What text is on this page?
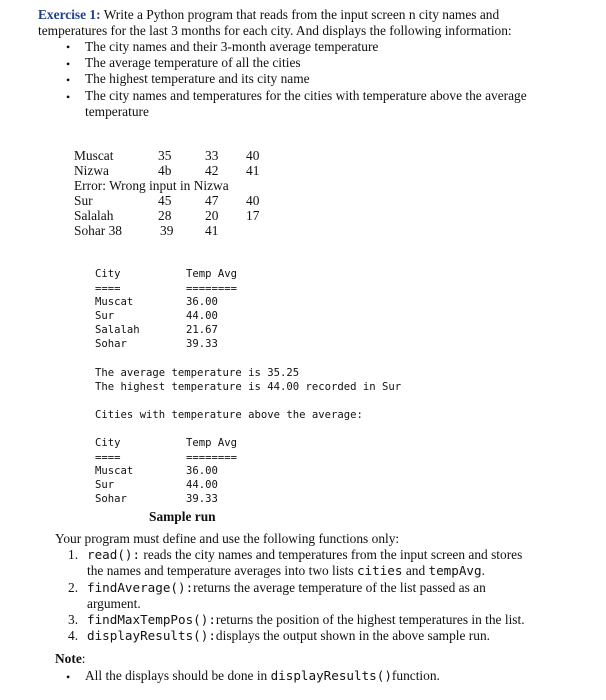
Exercise 1: Write a Python program that reads from the input screen n city names and
temperatures for the last 3 months for each city. And displays the following information:
• The city names and their 3-month average temperature
• The average temperature of all the cities
• The highest temperature and its city name
• The city names and temperatures for the cities with temperature above the average
temperature
Muscat	35	33 40
Nizwa	4b	42 41
Error: Wrong input in Nizwa
Sur	45	47 40
Salalah	28	20 17
Sohar 38	39 41
City	Temp Avg
====	========
Muscat	36.00
Sur	44.00
Salalah	21.67
Sohar	39.33
The average temperature is 35.25
The highest temperature is 44.00 recorded in Sur
Cities with temperature above the average:
City	Temp Avg
====	========
Muscat	36.00
Sur	44.00
Sohar	39.33
Sample run
Your program must define and use the following functions only:
1. read(): reads the city names and temperatures from the input screen and stores
the names and temperature averages into two lists cities and tempAvg.
2. findAverage():returns the average temperature of the list passed as an
argument.
3. findMaxTempPos():returns the position of the highest temperatures in the list.
4. displayResults():displays the output shown in the above sample run.
Note:
• All the displays should be done in displayResults()function.
